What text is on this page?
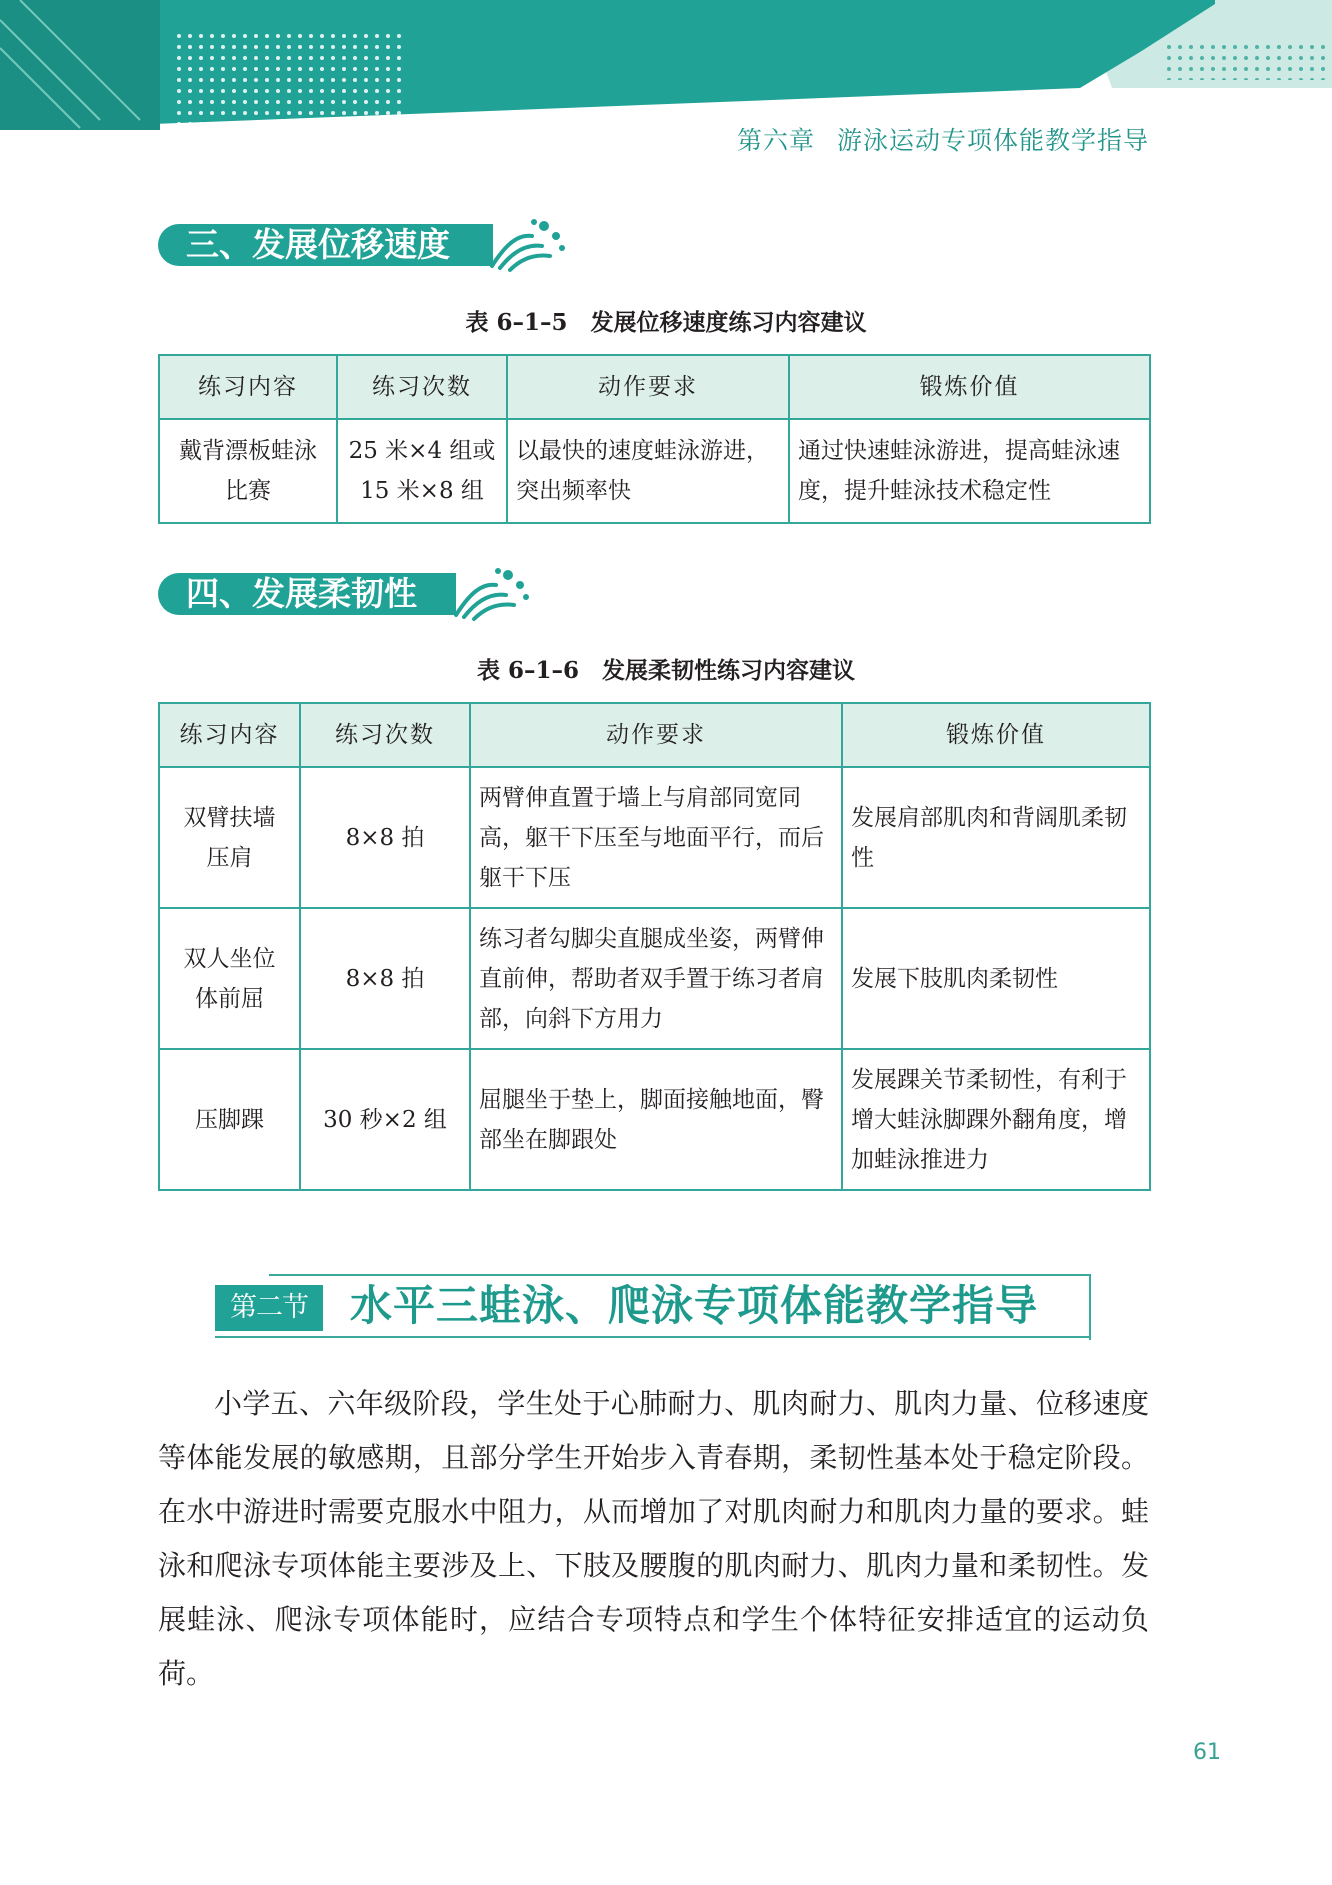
第六章 游泳运动专项体能教学指导
三、发展位移速度
表 6–1–5　发展位移速度练习内容建议
练习内容	练习次数	动作要求	锻炼价值
戴背漂板蛙泳比赛	25 米×4 组或15 米×8 组	以最快的速度蛙泳游进，突出频率快	通过快速蛙泳游进，提高蛙泳速度，提升蛙泳技术稳定性
四、发展柔韧性
表 6–1–6　发展柔韧性练习内容建议
练习内容	练习次数	动作要求	锻炼价值
双臂扶墙压肩	8×8 拍	两臂伸直置于墙上与肩部同宽同高，躯干下压至与地面平行，而后躯干下压	发展肩部肌肉和背阔肌柔韧性
双人坐位体前屈	8×8 拍	练习者勾脚尖直腿成坐姿，两臂伸直前伸，帮助者双手置于练习者肩部，向斜下方用力	发展下肢肌肉柔韧性
压脚踝	30 秒×2 组	屈腿坐于垫上，脚面接触地面，臀部坐在脚跟处	发展踝关节柔韧性，有利于增大蛙泳脚踝外翻角度，增加蛙泳推进力
第二节	水平三蛙泳、爬泳专项体能教学指导

小学五、六年级阶段，学生处于心肺耐力、肌肉耐力、肌肉力量、位移速度等体能发展的敏感期，且部分学生开始步入青春期，柔韧性基本处于稳定阶段。在水中游进时需要克服水中阻力，从而增加了对肌肉耐力和肌肉力量的要求。蛙泳和爬泳专项体能主要涉及上、下肢及腰腹的肌肉耐力、肌肉力量和柔韧性。发展蛙泳、爬泳专项体能时，应结合专项特点和学生个体特征安排适宜的运动负荷。

61
